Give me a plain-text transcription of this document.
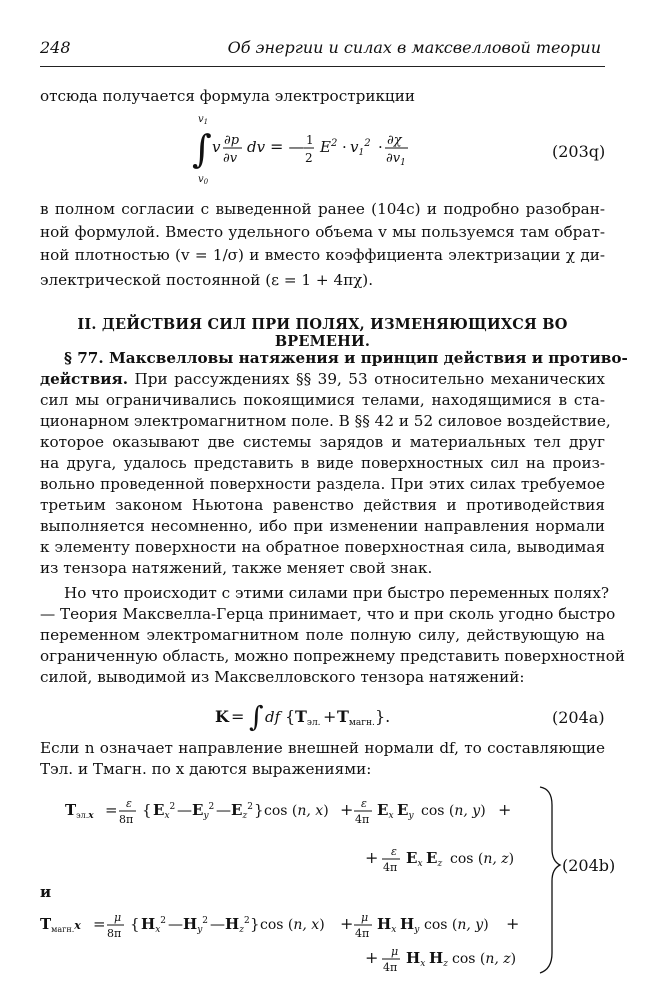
248	Об энергии и силах в максвелловой теории
отсюда получается формула электрострикции
$v_1$
∫
$v_0$
v ∂p
∂v
dv = — 1
2
$E^2 \cdot v_1^2 \cdot \partial\chi$
$\partial v_1$
(203q)
в полном согласии с выведенной ранее (104с) и подробно разобран-
ной формулой. Вместо удельного объема v мы пользуемся там обрат-
ной плотностью (v = 1/σ) и вместо коэффициента электризации χ ди-
электрической постоянной (ε = 1 + 4πχ).
II. ДЕЙСТВИЯ СИЛ ПРИ ПОЛЯХ, ИЗМЕНЯЮЩИХСЯ ВО ВРЕМЕНИ.
§ 77. Максвелловы натяжения и принцип действия и противо-
действия. При рассуждениях §§ 39, 53 относительно механических
сил мы ограничивались покоящимися телами, находящимися в ста-
ционарном электромагнитном поле. В §§ 42 и 52 силовое воздействие,
которое оказывают две системы зарядов и материальных тел друг
на друга, удалось представить в виде поверхностных сил на произ-
вольно проведенной поверхности раздела. При этих силах требуемое
третьим законом Ньютона равенство действия и противодействия
выполняется несомненно, ибо при изменении направления нормали
к элементу поверхности на обратное поверхностная сила, выводимая
из тензора натяжений, также меняет свой знак.
Но что происходит с этими силами при быстро переменных полях?
— Теория Максвелла-Герца принимает, что и при сколь угодно быстро
переменном электромагнитном поле полную силу, действующую на
ограниченную область, можно попрежнему представить поверхностной
силой, выводимой из Максвелловского тензора натяжений:
K = ∫ df { Tэл. + Tмагн. }.	(204a)
Если n означает направление внешней нормали df, то составляющие
Tэл. и Tмагн. по x даются выражениями:
$T_{эл.}x = \varepsilon$
8π
{ $E_x^2$ — $E_y^2$ — $E_z^2$ } cos (n, x) + ε
4π
$E_x$ $E_y$ cos (n, y) +
+ ε
4π
$E_x$ $E_z$ cos (n, z)
и
$T_{магн.}^x = \mu$
8π
{ $H_x^2$ — $H_y^2$ — $H_z^2$ } cos (n, x) + μ
4π
$H_x$ $H_y$ cos (n, y) +
+ μ
4π
$H_x$ $H_z$ cos (n, z)
(204b)
